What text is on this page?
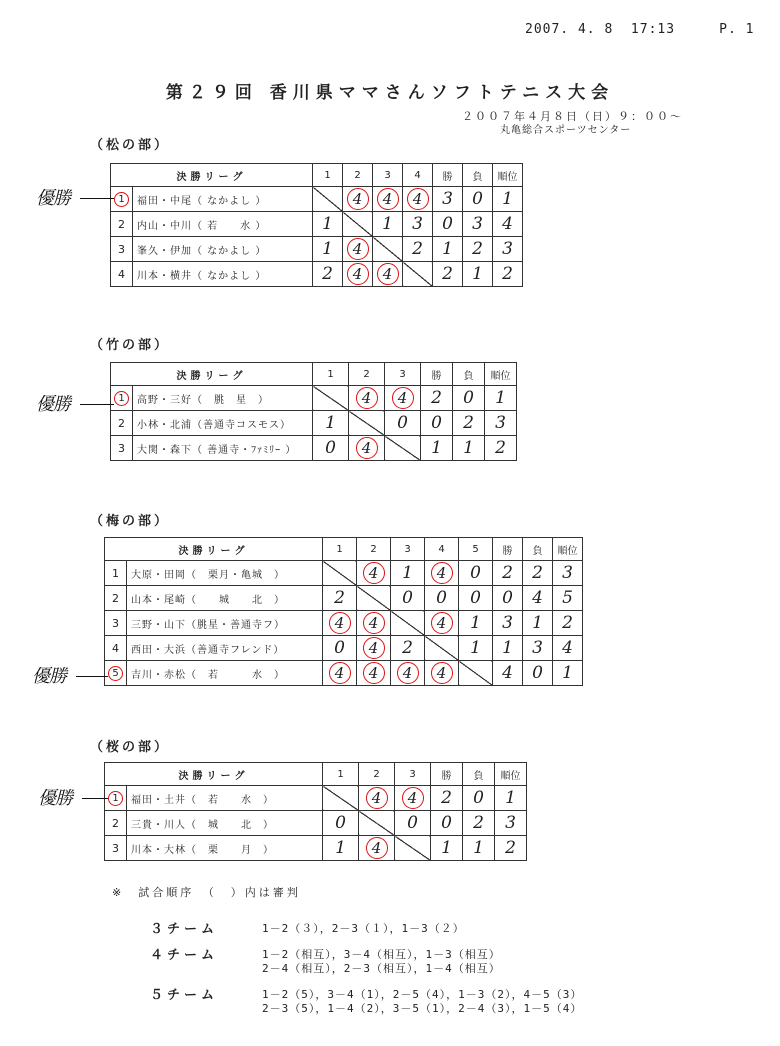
2007. 4. 8  17:13     P. 1
第２９回 香川県ママさんソフトテニス大会
２００７年４月８日（日）９：００～
丸亀総合スポーツセンター
（松の部）
（竹の部）
（梅の部）
（桜の部）
決勝リーグ		1	2	3	4	勝	負	順位
1	福田・中尾（ なかよし ）		4	4	4	3	0	1
2	内山・中川（ 若　　水 ）	1		1	3	0	3	4
3	峯久・伊加（ なかよし ）	1	4		2	1	2	3
4	川本・横井（ なかよし ）	2	4	4		2	1	2
優勝
決勝リーグ		1	2	3	勝	負	順位
1	高野・三好（　朓　星　）		4	4	2	0	1
2	小林・北浦（善通寺コスモス）	1		0	0	2	3
3	大関・森下（ 善通寺・ﾌｧﾐﾘｰ ）	0	4		1	1	2
優勝
決勝リーグ		1	2	3	4	5	勝	負	順位
1	大原・田岡（　栗月・亀城　）		4	1	4	0	2	2	3
2	山本・尾崎（　　城　　北　）	2		0	0	0	0	4	5
3	三野・山下（朓星・善通寺フ）	4	4		4	1	3	1	2
4	西田・大浜（善通寺フレンド）	0	4	2		1	1	3	4
5	吉川・赤松（　若　　　水　）	4	4	4	4		4	0	1
優勝
決勝リーグ		1	2	3	勝	負	順位
1	福田・土井（　若　　水　）		4	4	2	0	1
2	三貴・川人（　城　　北　）	0		0	0	2	3
3	川本・大林（　栗　　月　）	1	4		1	1	2
優勝
※　試合順序　（　）内は審判
３チーム	1－2（３），2－3（１），1－3（２）
４チーム	1－2（相互），3－4（相互），1－3（相互）
2－4（相互），2－3（相互），1－4（相互）
５チーム	1－2（5），3－4（1），2－5（4），1－3（2），4－5（3）
2－3（5），1－4（2），3－5（1），2－4（3），1－5（4）
